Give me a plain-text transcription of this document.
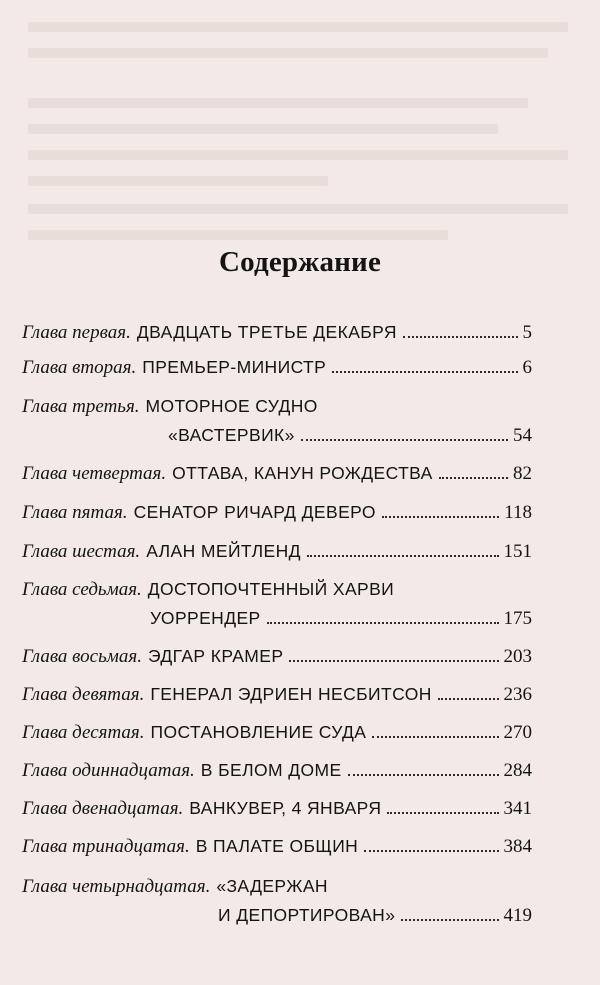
Содержание
Глава первая. ДВАДЦАТЬ ТРЕТЬЕ ДЕКАБРЯ	5
Глава вторая. ПРЕМЬЕР-МИНИСТР	6
Глава третья. МОТОРНОЕ СУДНО
«ВАСТЕРВИК»	54
Глава четвертая. ОТТАВА, КАНУН РОЖДЕСТВА	82
Глава пятая. СЕНАТОР РИЧАРД ДЕВЕРО	118
Глава шестая. АЛАН МЕЙТЛЕНД	151
Глава седьмая. ДОСТОПОЧТЕННЫЙ ХАРВИ
УОРРЕНДЕР	175
Глава восьмая. ЭДГАР КРАМЕР	203
Глава девятая. ГЕНЕРАЛ ЭДРИЕН НЕСБИТСОН	236
Глава десятая. ПОСТАНОВЛЕНИЕ СУДА	270
Глава одиннадцатая. В БЕЛОМ ДОМЕ	284
Глава двенадцатая. ВАНКУВЕР, 4 ЯНВАРЯ	341
Глава тринадцатая. В ПАЛАТЕ ОБЩИН	384
Глава четырнадцатая. «ЗАДЕРЖАН
И ДЕПОРТИРОВАН»	419
